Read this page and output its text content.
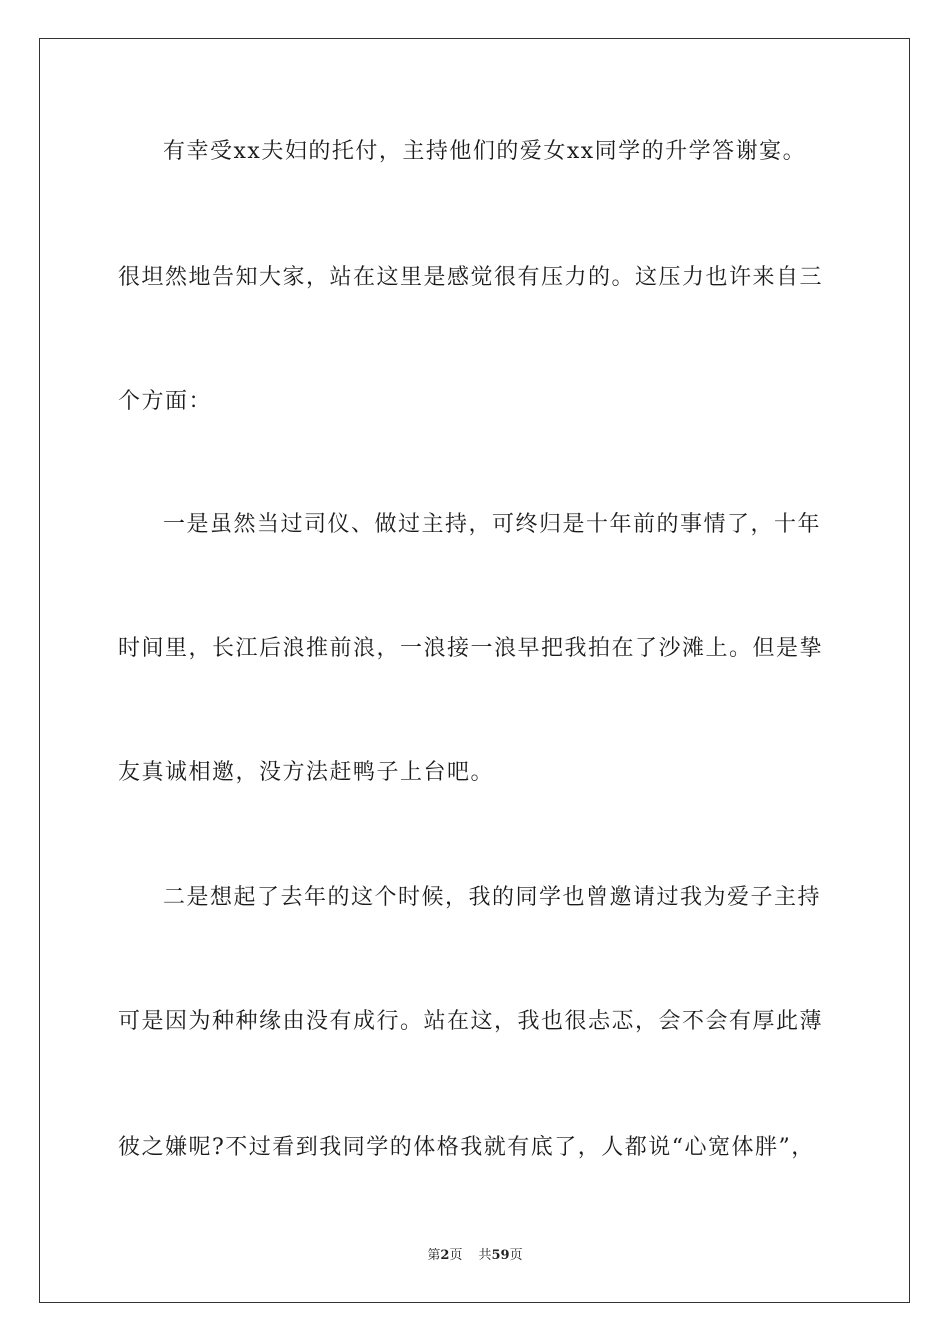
有幸受xx夫妇的托付，主持他们的爱女xx同学的升学答谢宴。
很坦然地告知大家，站在这里是感觉很有压力的。这压力也许来自三
个方面：
一是虽然当过司仪、做过主持，可终归是十年前的事情了，十年
时间里，长江后浪推前浪，一浪接一浪早把我拍在了沙滩上。但是挚
友真诚相邀，没方法赶鸭子上台吧。
二是想起了去年的这个时候，我的同学也曾邀请过我为爱子主持
可是因为种种缘由没有成行。站在这，我也很忐忑，会不会有厚此薄
彼之嫌呢?不过看到我同学的体格我就有底了，人都说“心宽体胖”，
第2页 共59页
